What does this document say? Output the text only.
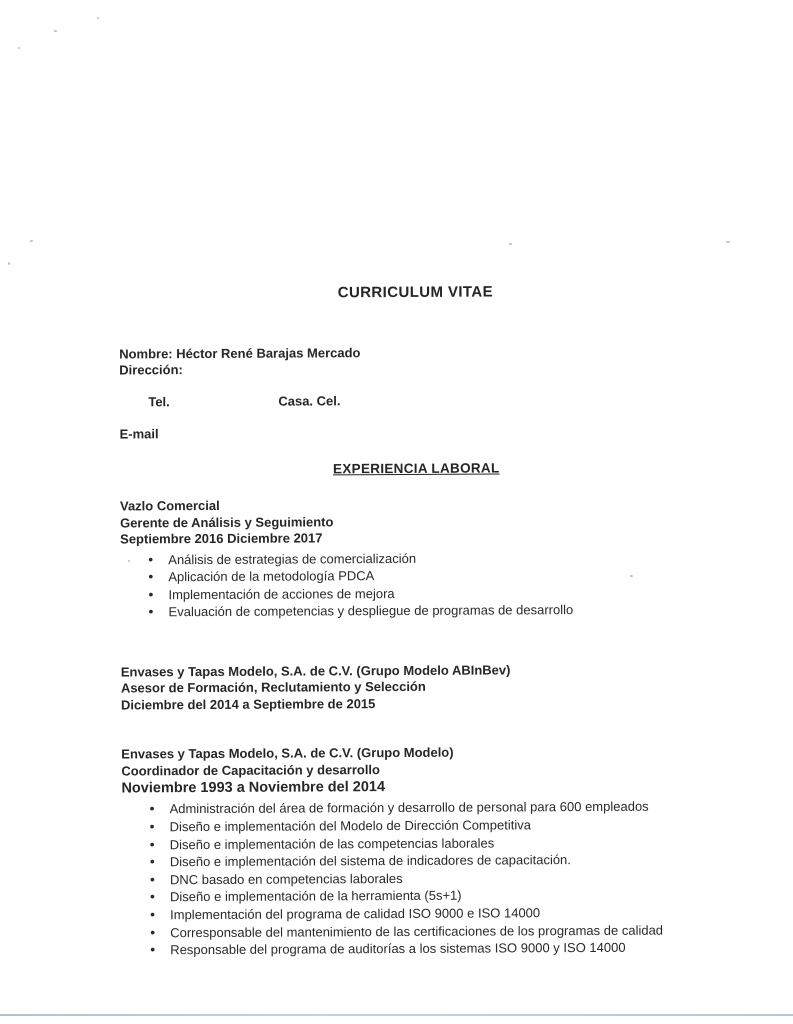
CURRICULUM VITAE
Nombre: Héctor René Barajas Mercado
Dirección:

Tel.	Casa. Cel.

E-mail
EXPERIENCIA LABORAL
Vazlo Comercial
Gerente de Análisis y Seguimiento
Septiembre 2016 Diciembre 2017
• Análisis de estrategias de comercialización
• Aplicación de la metodología PDCA
• Implementación de acciones de mejora
• Evaluación de competencias y despliegue de programas de desarrollo
Envases y Tapas Modelo, S.A. de C.V. (Grupo Modelo ABInBev)
Asesor de Formación, Reclutamiento y Selección
Diciembre del 2014 a Septiembre de 2015
Envases y Tapas Modelo, S.A. de C.V. (Grupo Modelo)
Coordinador de Capacitación y desarrollo
Noviembre 1993 a Noviembre del 2014
• Administración del área de formación y desarrollo de personal para 600 empleados
• Diseño e implementación del Modelo de Dirección Competitiva
• Diseño e implementación de las competencias laborales
• Diseño e implementación del sistema de indicadores de capacitación.
• DNC basado en competencias laborales
• Diseño e implementación de la herramienta (5s+1)
• Implementación del programa de calidad ISO 9000 e ISO 14000
• Corresponsable del mantenimiento de las certificaciones de los programas de calidad
• Responsable del programa de auditorías a los sistemas ISO 9000 y ISO 14000
